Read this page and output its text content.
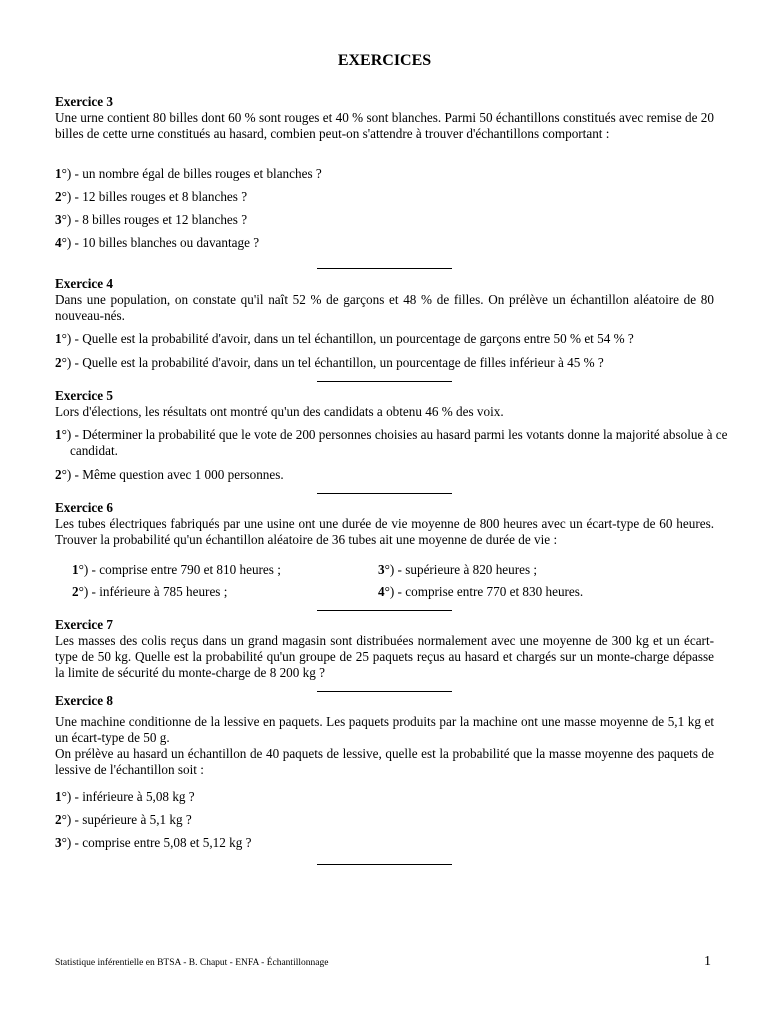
EXERCICES
Exercice 3
Une urne contient 80 billes dont 60 % sont rouges et 40 % sont blanches. Parmi 50 échantillons constitués avec remise de 20 billes de cette urne constitués au hasard, combien peut-on s'attendre à trouver d'échantillons comportant :
1°) - un nombre égal de billes rouges et blanches ?
2°) - 12 billes rouges et 8 blanches ?
3°) - 8 billes rouges et 12 blanches ?
4°) - 10 billes blanches ou davantage ?
Exercice 4
Dans une population, on constate qu'il naît 52 % de garçons et 48 % de filles. On prélève un échantillon aléatoire de 80 nouveau-nés.
1°) - Quelle est la probabilité d'avoir, dans un tel échantillon, un pourcentage de garçons entre 50 % et 54 % ?
2°) - Quelle est la probabilité d'avoir, dans un tel échantillon, un pourcentage de filles inférieur à 45 % ?
Exercice 5
Lors d'élections, les résultats ont montré qu'un des candidats a obtenu 46 % des voix.
1°) - Déterminer la probabilité que le vote de 200 personnes choisies au hasard parmi les votants donne la majorité absolue à ce candidat.
2°) - Même question avec 1 000 personnes.
Exercice 6
Les tubes électriques fabriqués par une usine ont une durée de vie moyenne de 800 heures avec un écart-type de 60 heures. Trouver la probabilité qu'un échantillon aléatoire de 36 tubes ait une moyenne de durée de vie :
1°) - comprise entre 790 et 810 heures ;	3°) - supérieure à 820 heures ;
2°) - inférieure à 785 heures ;	4°) - comprise entre 770 et 830 heures.
Exercice 7
Les masses des colis reçus dans un grand magasin sont distribuées normalement avec une moyenne de 300 kg et un écart-type de 50 kg. Quelle est la probabilité qu'un groupe de 25 paquets reçus au hasard et chargés sur un monte-charge dépasse la limite de sécurité du monte-charge de 8 200 kg ?
Exercice 8
Une machine conditionne de la lessive en paquets. Les paquets produits par la machine ont une masse moyenne de 5,1 kg et un écart-type de 50 g.
On prélève au hasard un échantillon de 40 paquets de lessive, quelle est la probabilité que la masse moyenne des paquets de lessive de l'échantillon soit :
1°) - inférieure à 5,08 kg ?
2°) - supérieure à 5,1 kg ?
3°) - comprise entre 5,08 et 5,12 kg ?
Statistique inférentielle en BTSA - B. Chaput - ENFA - Échantillonnage	1
